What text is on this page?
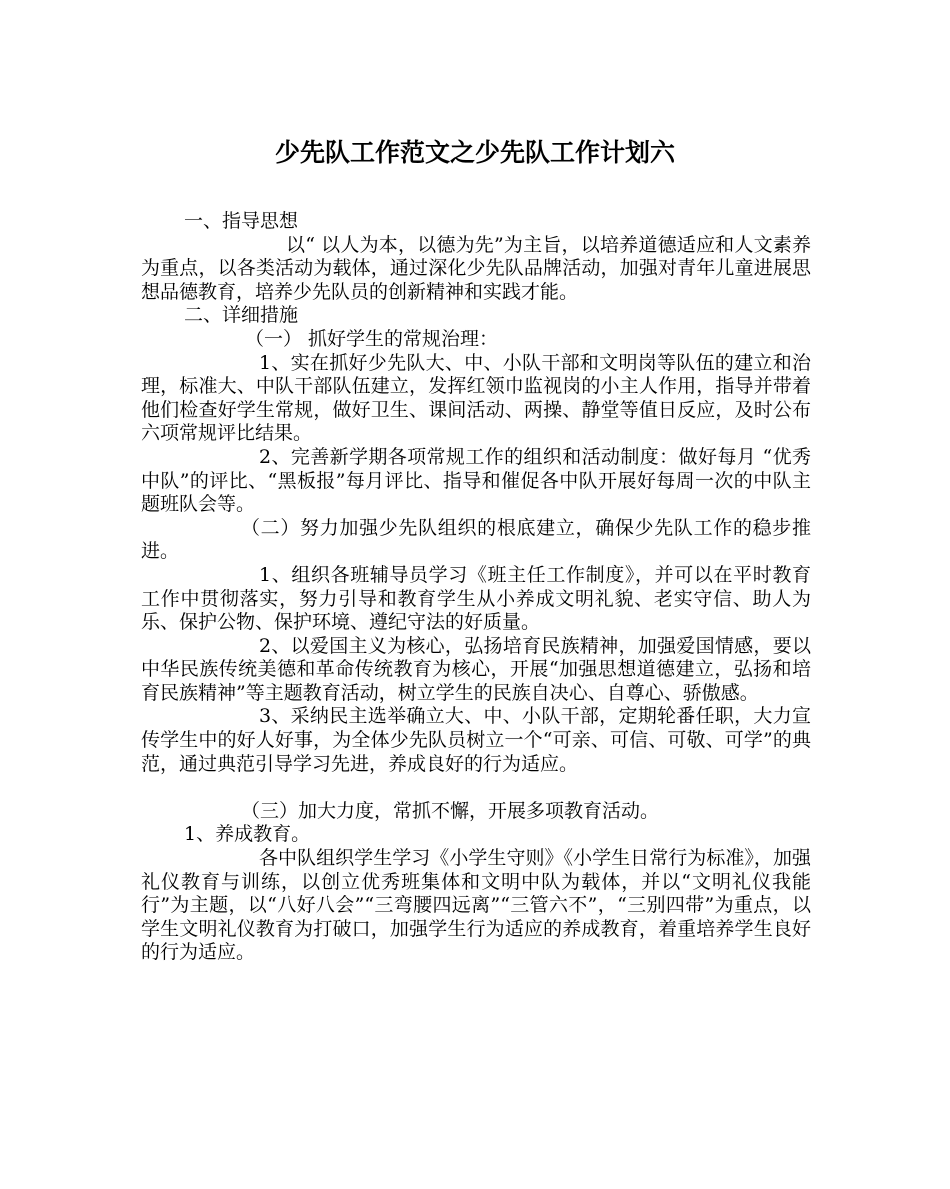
少先队工作范文之少先队工作计划六

一、指导思想

以“ 以人为本，以德为先”为主旨，以培养道德适应和人文素养为重点，以各类活动为载体，通过深化少先队品牌活动，加强对青年儿童进展思想品德教育，培养少先队员的创新精神和实践才能。

二、详细措施

（一） 抓好学生的常规治理：

1、实在抓好少先队大、中、小队干部和文明岗等队伍的建立和治理，标准大、中队干部队伍建立，发挥红领巾监视岗的小主人作用，指导并带着他们检查好学生常规，做好卫生、课间活动、两操、静堂等值日反应，及时公布六项常规评比结果。

2、完善新学期各项常规工作的组织和活动制度：做好每月 “优秀中队”的评比、“黑板报”每月评比、指导和催促各中队开展好每周一次的中队主题班队会等。

（二）努力加强少先队组织的根底建立，确保少先队工作的稳步推进。

1、组织各班辅导员学习《班主任工作制度》，并可以在平时教育工作中贯彻落实，努力引导和教育学生从小养成文明礼貌、老实守信、助人为乐、保护公物、保护环境、遵纪守法的好质量。

2、以爱国主义为核心，弘扬培育民族精神，加强爱国情感，要以中华民族传统美德和革命传统教育为核心，开展“加强思想道德建立，弘扬和培育民族精神”等主题教育活动，树立学生的民族自决心、自尊心、骄傲感。

3、采纳民主选举确立大、中、小队干部，定期轮番任职，大力宣传学生中的好人好事，为全体少先队员树立一个“可亲、可信、可敬、可学”的典范，通过典范引导学习先进，养成良好的行为适应。

（三）加大力度，常抓不懈，开展多项教育活动。

1、养成教育。

各中队组织学生学习《小学生守则》《小学生日常行为标准》，加强礼仪教育与训练，以创立优秀班集体和文明中队为载体，并以“文明礼仪我能行”为主题，以“八好八会”“三弯腰四远离”“三管六不”，“三别四带”为重点，以学生文明礼仪教育为打破口，加强学生行为适应的养成教育，着重培养学生良好的行为适应。
